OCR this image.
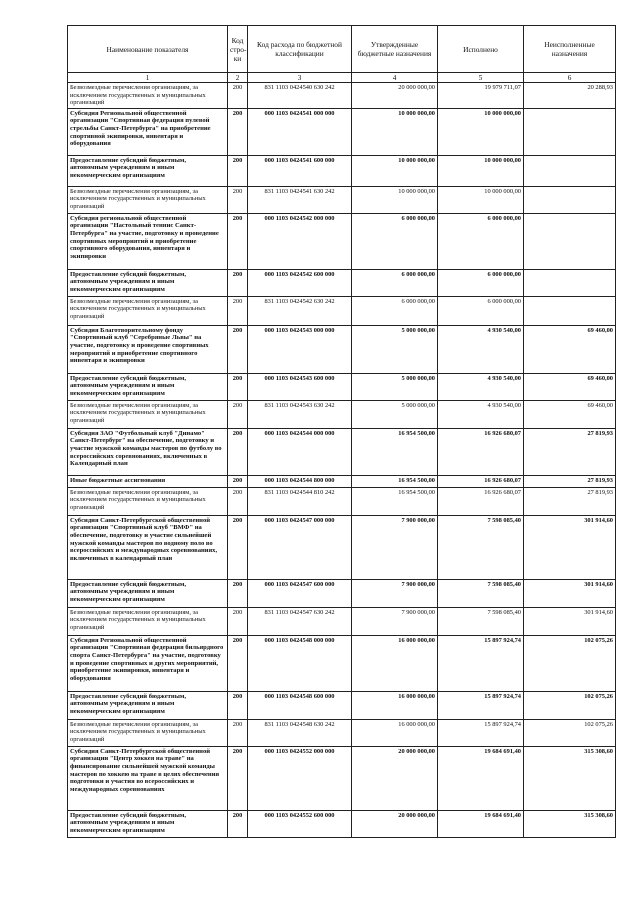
Наименование показателя	Код стро-ки	Код расхода по бюджетной классификации	Утвержденные бюджетные назначения	Исполнено	Неисполненные назначения
1	2	3	4	5	6
Безвозмездные перечисления организациям, за исключением государственных и муниципальных организаций	200	831 1103 0424540 630 242	20 000 000,00	19 979 711,07	20 288,93
Субсидия Региональной общественной организации "Спортивная федерация пулевой стрельбы Санкт-Петербурга" на приобретение спортивной экипировки, инвентаря и оборудования	200	000 1103 0424541 000 000	10 000 000,00	10 000 000,00	
Предоставление субсидий бюджетным, автономным учреждениям и иным некоммерческим организациям	200	000 1103 0424541 600 000	10 000 000,00	10 000 000,00	
Безвозмездные перечисления организациям, за исключением государственных и муниципальных организаций	200	831 1103 0424541 630 242	10 000 000,00	10 000 000,00	
Субсидия региональной общественной организации "Настольный теннис Санкт-Петербурга" на участие, подготовку и проведение спортивных мероприятий и приобретение спортивного оборудования, инвентаря и экипировки	200	000 1103 0424542 000 000	6 000 000,00	6 000 000,00	
Предоставление субсидий бюджетным, автономным учреждениям и иным некоммерческим организациям	200	000 1103 0424542 600 000	6 000 000,00	6 000 000,00	
Безвозмездные перечисления организациям, за исключением государственных и муниципальных организаций	200	831 1103 0424542 630 242	6 000 000,00	6 000 000,00	
Субсидия Благотворительному фонду "Спортивный клуб "Серебряные Львы" на участие, подготовку и проведение спортивных мероприятий и приобретение спортивного инвентаря и экипировки	200	000 1103 0424543 000 000	5 000 000,00	4 930 540,00	69 460,00
Предоставление субсидий бюджетным, автономным учреждениям и иным некоммерческим организациям	200	000 1103 0424543 600 000	5 000 000,00	4 930 540,00	69 460,00
Безвозмездные перечисления организациям, за исключением государственных и муниципальных организаций	200	831 1103 0424543 630 242	5 000 000,00	4 930 540,00	69 460,00
Субсидия ЗАО "Футбольный клуб "Динамо" Санкт-Петербург" на обеспечение, подготовку и участие мужской команды мастеров по футболу во всероссийских соревнованиях, включенных в Календарный план	200	000 1103 0424544 000 000	16 954 500,00	16 926 680,07	27 819,93
Иные бюджетные ассигнования	200	000 1103 0424544 800 000	16 954 500,00	16 926 680,07	27 819,93
Безвозмездные перечисления организациям, за исключением государственных и муниципальных организаций	200	831 1103 0424544 810 242	16 954 500,00	16 926 680,07	27 819,93
Субсидия Санкт-Петербургской общественной организации "Спортивный клуб "ВМФ" на обеспечение, подготовку и участие сильнейшей мужской команды мастеров по водному поло во всероссийских и международных соревнованиях, включенных в календарный план	200	000 1103 0424547 000 000	7 900 000,00	7 598 085,40	301 914,60
Предоставление субсидий бюджетным, автономным учреждениям и иным некоммерческим организациям	200	000 1103 0424547 600 000	7 900 000,00	7 598 085,40	301 914,60
Безвозмездные перечисления организациям, за исключением государственных и муниципальных организаций	200	831 1103 0424547 630 242	7 900 000,00	7 598 085,40	301 914,60
Субсидия Региональной общественной организации "Спортивная федерация бильярдного спорта Санкт-Петербурга" на участие, подготовку и проведение спортивных и других мероприятий, приобретение экипировки, инвентаря и оборудования	200	000 1103 0424548 000 000	16 000 000,00	15 897 924,74	102 075,26
Предоставление субсидий бюджетным, автономным учреждениям и иным некоммерческим организациям	200	000 1103 0424548 600 000	16 000 000,00	15 897 924,74	102 075,26
Безвозмездные перечисления организациям, за исключением государственных и муниципальных организаций	200	831 1103 0424548 630 242	16 000 000,00	15 897 924,74	102 075,26
Субсидия Санкт-Петербургской общественной организации "Центр хоккея на траве" на финансирование сильнейшей мужской команды мастеров по хоккею на траве в целях обеспечения подготовки и участия во всероссийских и международных соревнованиях	200	000 1103 0424552 000 000	20 000 000,00	19 684 691,40	315 308,60
Предоставление субсидий бюджетным, автономным учреждениям и иным некоммерческим организациям	200	000 1103 0424552 600 000	20 000 000,00	19 684 691,40	315 308,60
